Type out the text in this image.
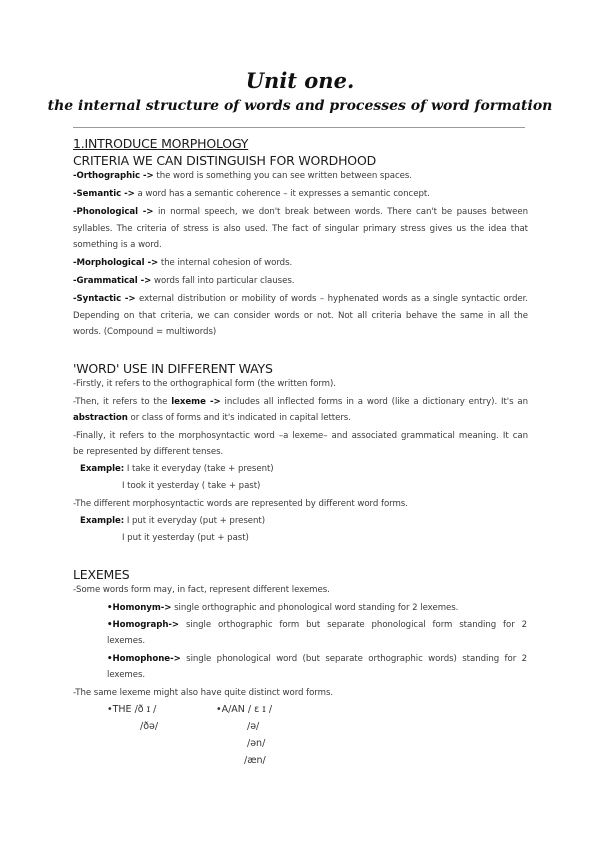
Unit one.
the internal structure of words and processes of word formation
1.INTRODUCE MORPHOLOGY
CRITERIA WE CAN DISTINGUISH FOR WORDHOOD
-Orthographic -> the word is something you can see written between spaces.
-Semantic -> a word has a semantic coherence – it expresses a semantic concept.
-Phonological -> in normal speech, we don't break between words. There can't be pauses between
syllables. The criteria of stress is also used. The fact of singular primary stress gives us the idea that
something is a word.
-Morphological -> the internal cohesion of words.
-Grammatical -> words fall into particular clauses.
-Syntactic -> external distribution or mobility of words – hyphenated words as a single syntactic order.
Depending on that criteria, we can consider words or not. Not all criteria behave the same in all the
words. (Compound = multiwords)
'WORD' USE IN DIFFERENT WAYS
-Firstly, it refers to the orthographical form (the written form).
-Then, it refers to the lexeme -> includes all inflected forms in a word (like a dictionary entry). It's an
abstraction or class of forms and it's indicated in capital letters.
-Finally, it refers to the morphosyntactic word –a lexeme– and associated grammatical meaning. It can
be represented by different tenses.
Example: I take it everyday (take + present)
I took it yesterday ( take + past)
-The different morphosyntactic words are represented by different word forms.
Example: I put it everyday (put + present)
I put it yesterday (put + past)
LEXEMES
-Some words form may, in fact, represent different lexemes.
•Homonym-> single orthographic and phonological word standing for 2 lexemes.
•Homograph-> single orthographic form but separate phonological form standing for 2
lexemes.
•Homophone-> single phonological word (but separate orthographic words) standing for 2
lexemes.
-The same lexeme might also have quite distinct word forms.
•THE /ð ɪ /
/ðə/
•A/AN / ɛ ɪ /
/ə/
/ən/
/æn/
